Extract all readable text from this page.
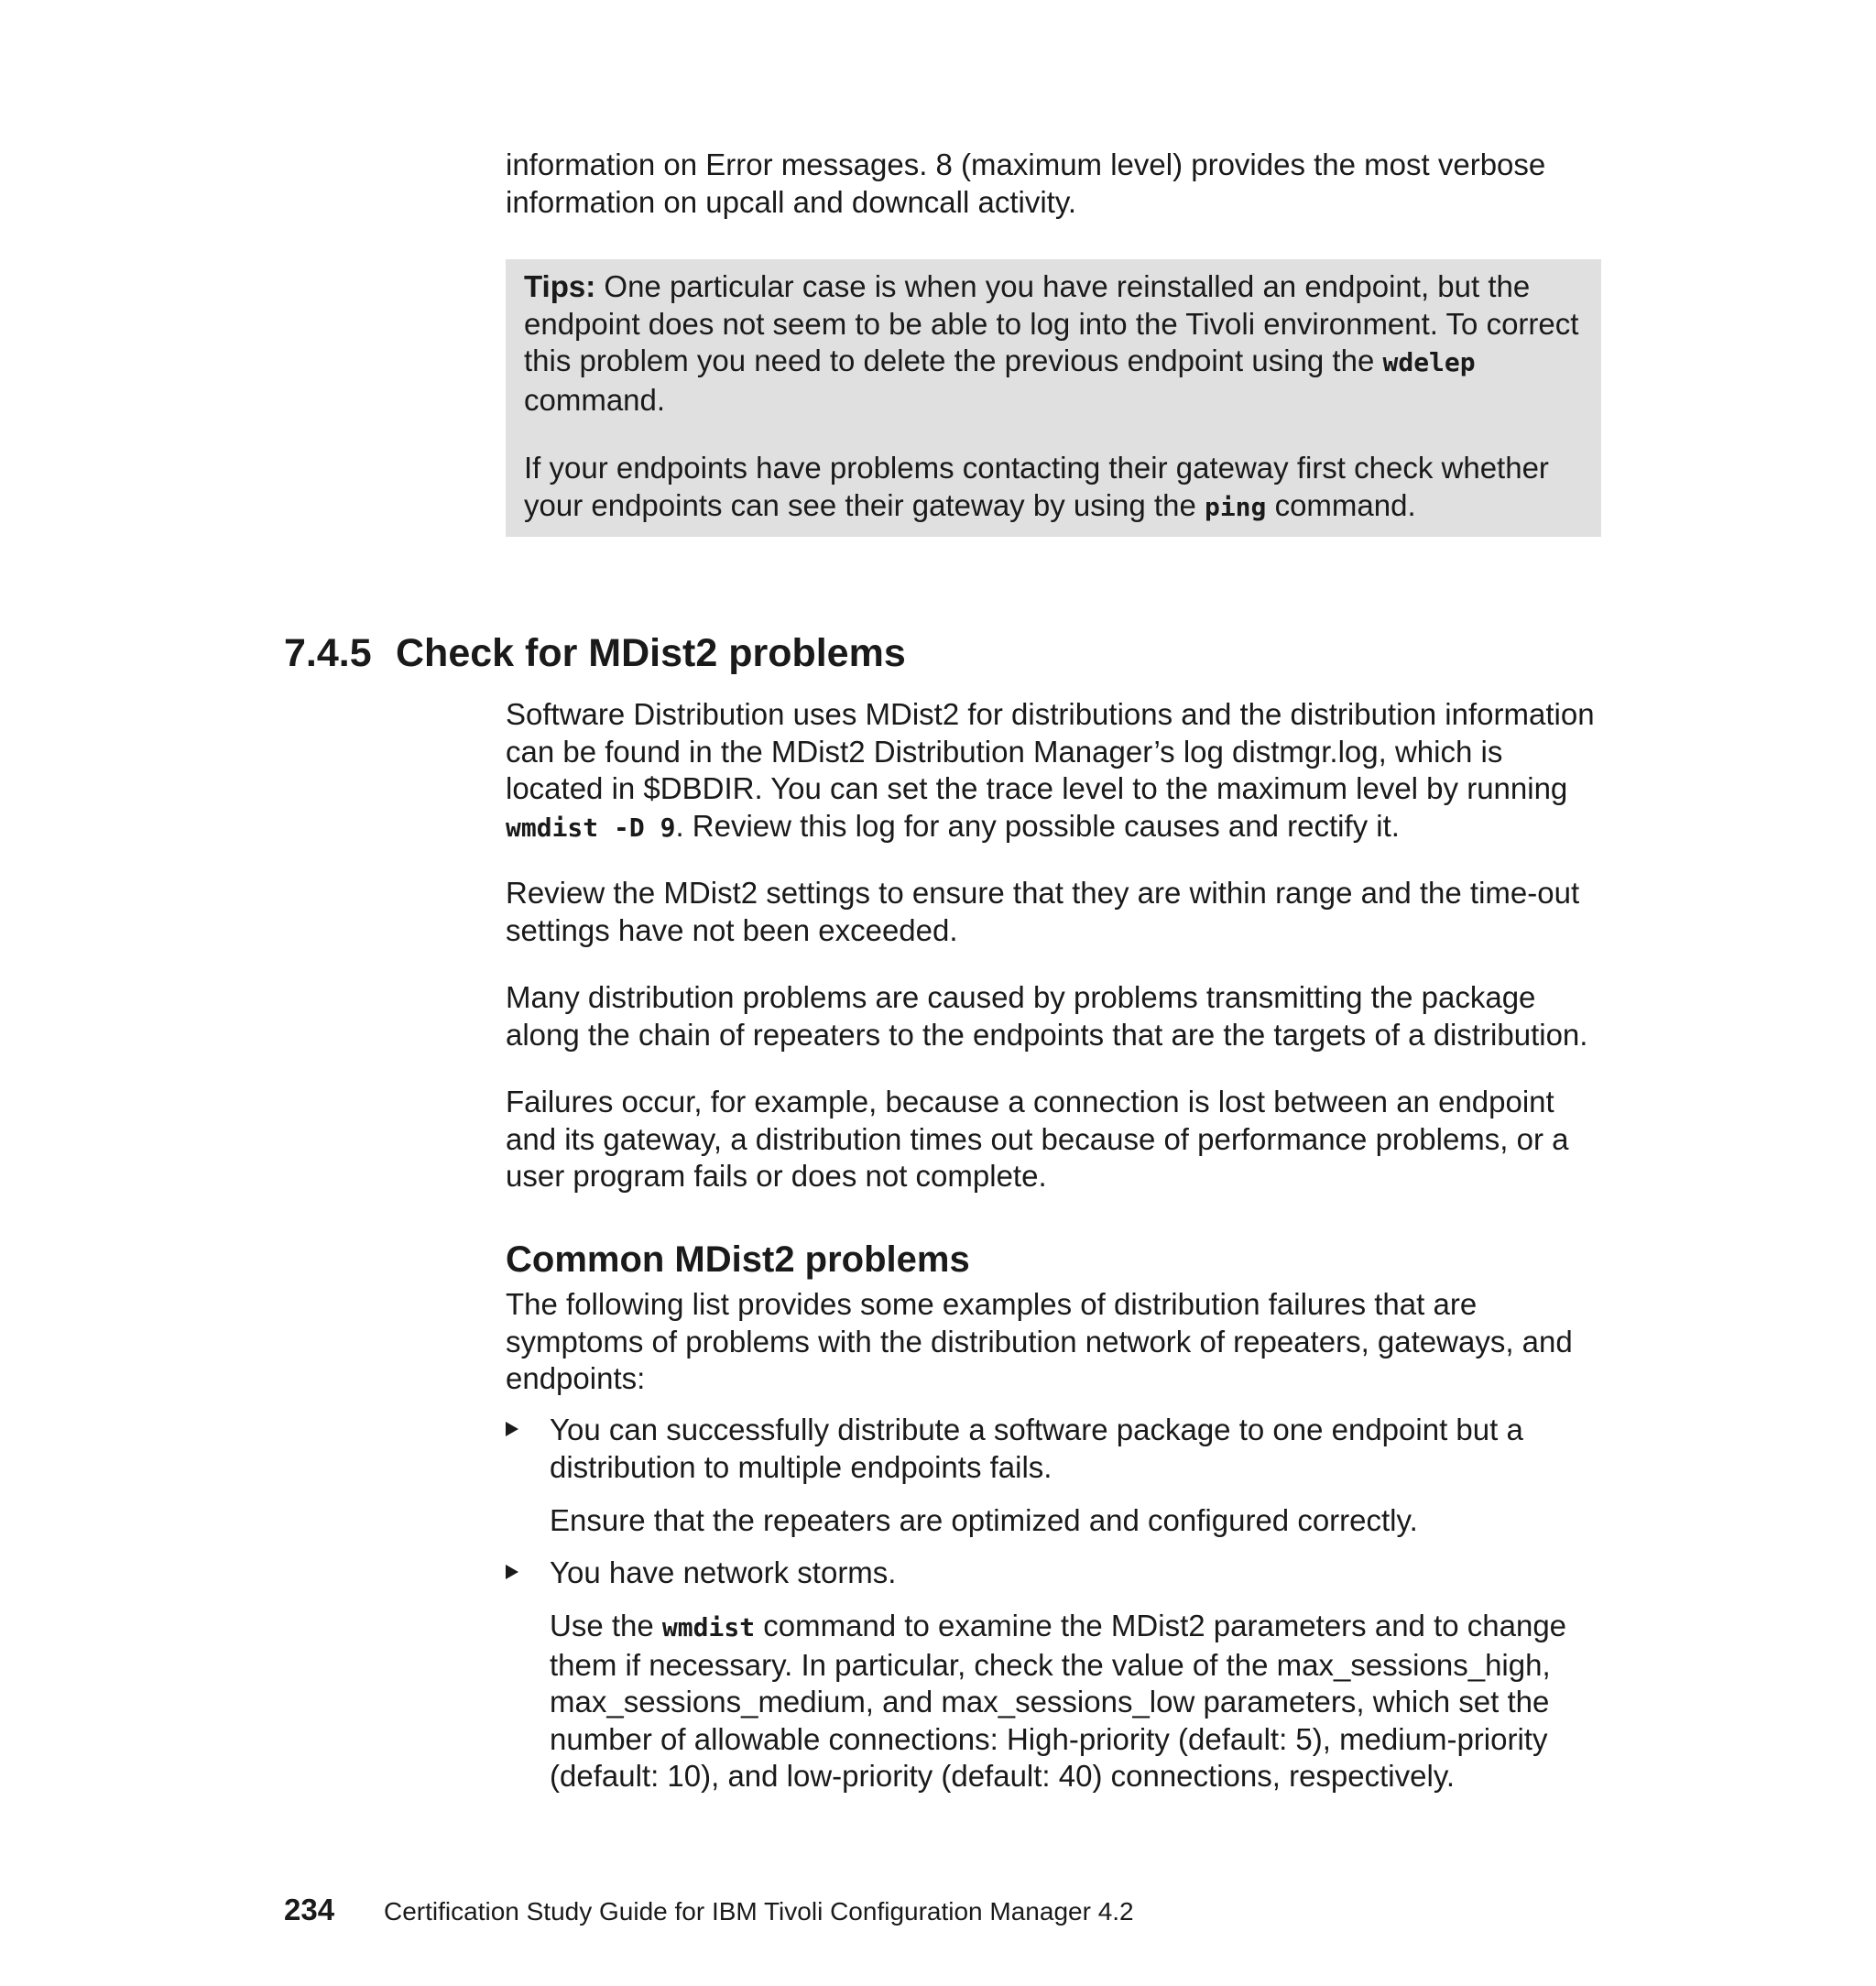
information on Error messages. 8 (maximum level) provides the most verbose information on upcall and downcall activity.

Tips: One particular case is when you have reinstalled an endpoint, but the endpoint does not seem to be able to log into the Tivoli environment. To correct this problem you need to delete the previous endpoint using the wdelep command.

If your endpoints have problems contacting their gateway first check whether your endpoints can see their gateway by using the ping command.

7.4.5 Check for MDist2 problems

Software Distribution uses MDist2 for distributions and the distribution information can be found in the MDist2 Distribution Manager’s log distmgr.log, which is located in $DBDIR. You can set the trace level to the maximum level by running wmdist -D 9. Review this log for any possible causes and rectify it.

Review the MDist2 settings to ensure that they are within range and the time-out settings have not been exceeded.

Many distribution problems are caused by problems transmitting the package along the chain of repeaters to the endpoints that are the targets of a distribution.

Failures occur, for example, because a connection is lost between an endpoint and its gateway, a distribution times out because of performance problems, or a user program fails or does not complete.

Common MDist2 problems

The following list provides some examples of distribution failures that are symptoms of problems with the distribution network of repeaters, gateways, and endpoints:

You can successfully distribute a software package to one endpoint but a distribution to multiple endpoints fails.

Ensure that the repeaters are optimized and configured correctly.

You have network storms.

Use the wmdist command to examine the MDist2 parameters and to change them if necessary. In particular, check the value of the max_sessions_high, max_sessions_medium, and max_sessions_low parameters, which set the number of allowable connections: High-priority (default: 5), medium-priority (default: 10), and low-priority (default: 40) connections, respectively.

234 Certification Study Guide for IBM Tivoli Configuration Manager 4.2
